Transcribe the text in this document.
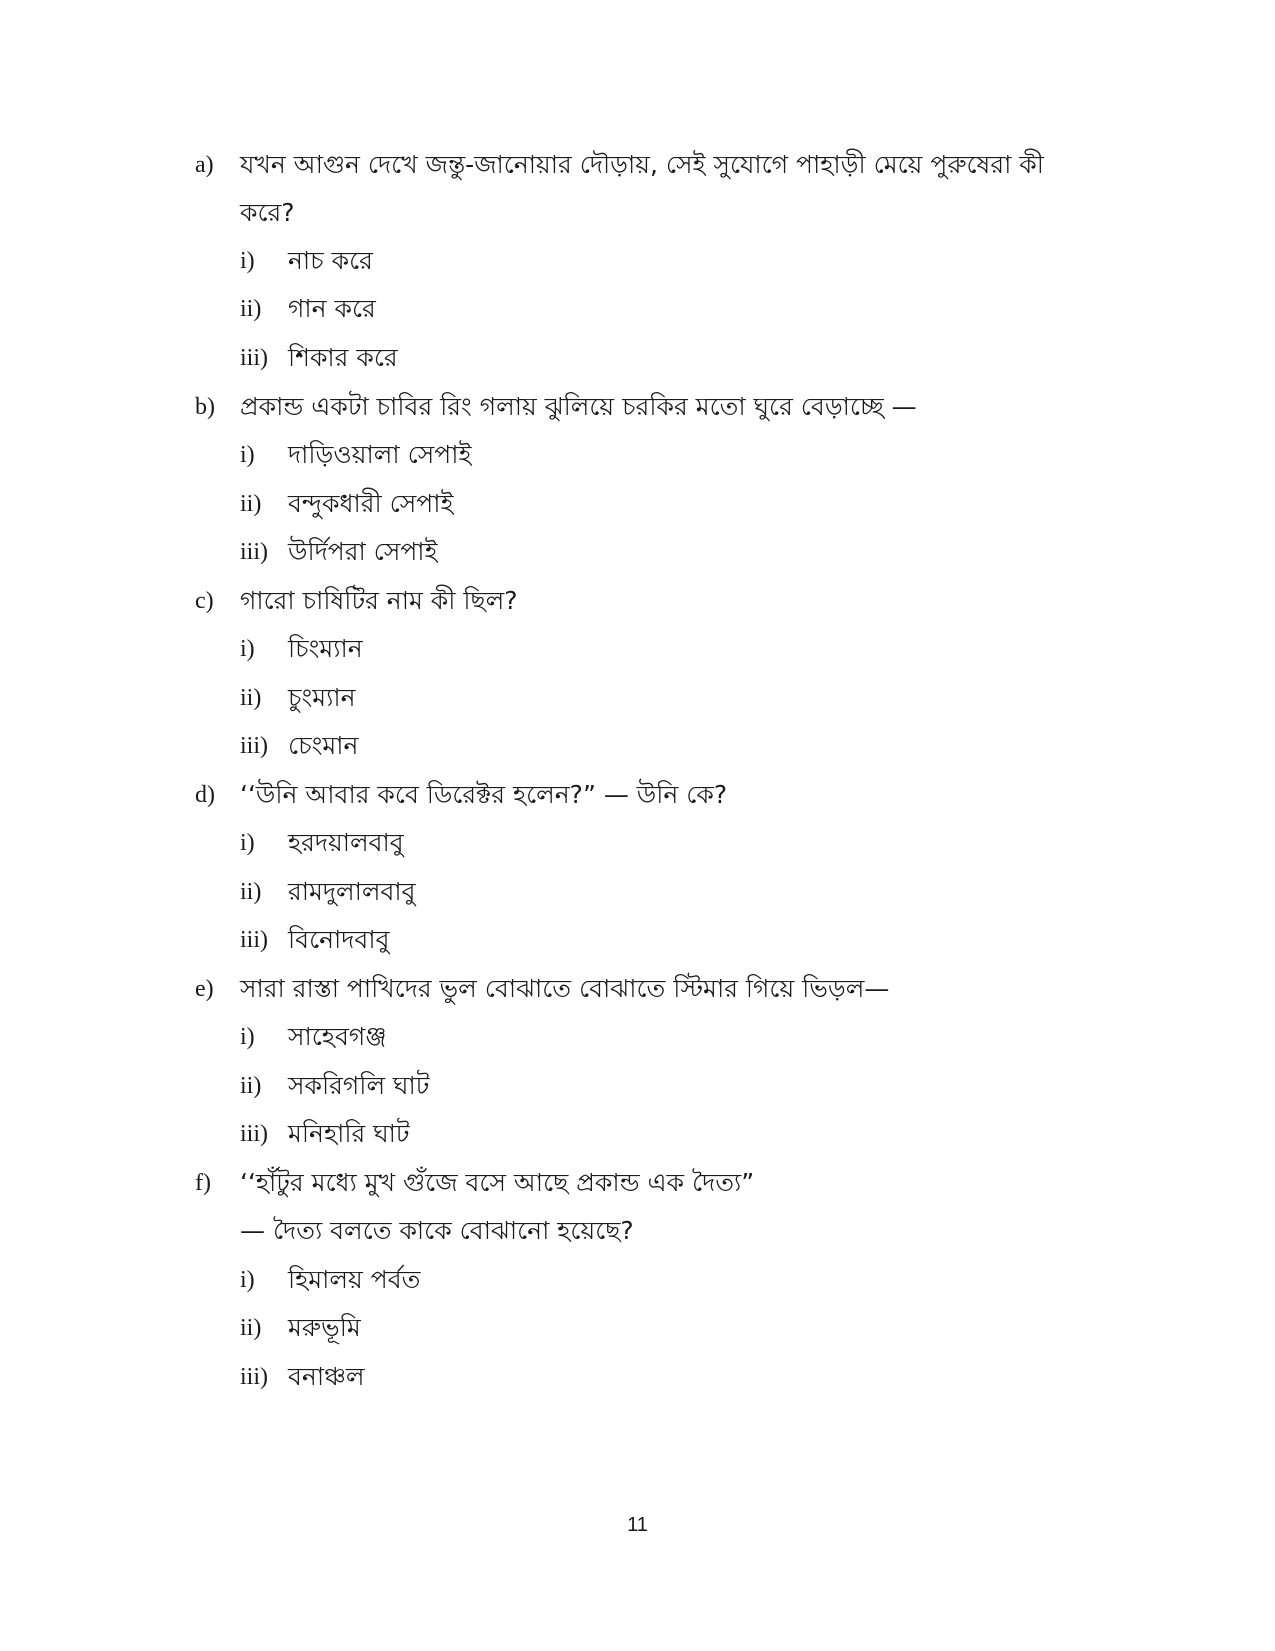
a)	যখন আগুন দেখে জন্তু-জানোয়ার দৌড়ায়, সেই সুযোগে পাহাড়ী মেয়ে পুরুষেরা কী
করে?
i)	নাচ করে
ii)	গান করে
iii) শিকার করে
b)	প্রকান্ড একটা চাবির রিং গলায় ঝুলিয়ে চরকির মতো ঘুরে বেড়াচ্ছে —
i)	দাড়িওয়ালা সেপাই
ii)	বন্দুকধারী সেপাই
iii) উর্দিপরা সেপাই
c)	গারো চাষিটির নাম কী ছিল?
i)	চিংম্যান
ii)	চুংম্যান
iii) চেংমান
d)	‘‘উনি আবার কবে ডিরেক্টর হলেন?” — উনি কে?
i)	হরদয়ালবাবু
ii)	রামদুলালবাবু
iii) বিনোদবাবু
e)	সারা রাস্তা পাখিদের ভুল বোঝাতে বোঝাতে স্টিমার গিয়ে ভিড়ল—
i)	সাহেবগঞ্জ
ii)	সকরিগলি ঘাট
iii) মনিহারি ঘাট
f)	‘‘হাঁটুর মধ্যে মুখ গুঁজে বসে আছে প্রকান্ড এক দৈত্য”
— দৈত্য বলতে কাকে বোঝানো হয়েছে?
i)	হিমালয় পর্বত
ii)	মরুভূমি
iii) বনাঞ্চল
11
